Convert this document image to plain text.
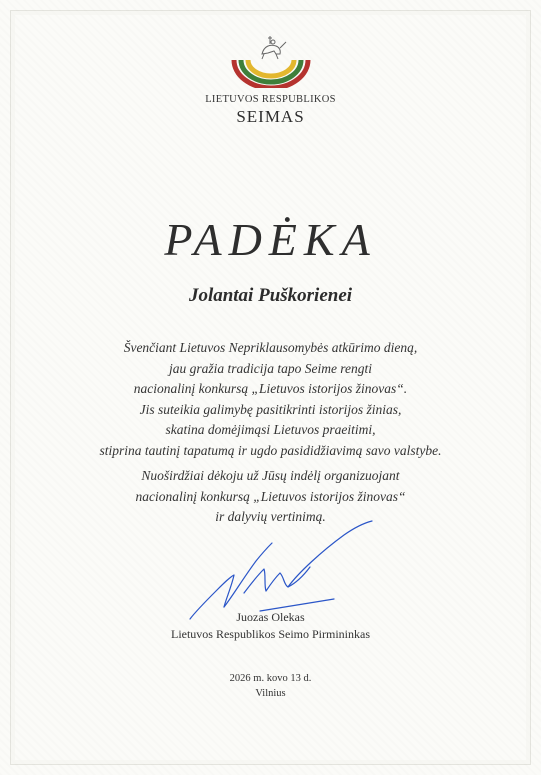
LIETUVOS RESPUBLIKOS
SEIMAS
PADĖKA
Jolantai Puškorienei
Švenčiant Lietuvos Nepriklausomybės atkūrimo dieną,
jau gražia tradicija tapo Seime rengti
nacionalinį konkursą „Lietuvos istorijos žinovas“.
Jis suteikia galimybę pasitikrinti istorijos žinias,
skatina domėjimąsi Lietuvos praeitimi,
stiprina tautinį tapatumą ir ugdo pasididžiavimą savo valstybe.
Nuoširdžiai dėkoju už Jūsų indėlį organizuojant
nacionalinį konkursą „Lietuvos istorijos žinovas“
ir dalyvių vertinimą.
Juozas Olekas
Lietuvos Respublikos Seimo Pirmininkas
2026 m. kovo 13 d.
Vilnius
